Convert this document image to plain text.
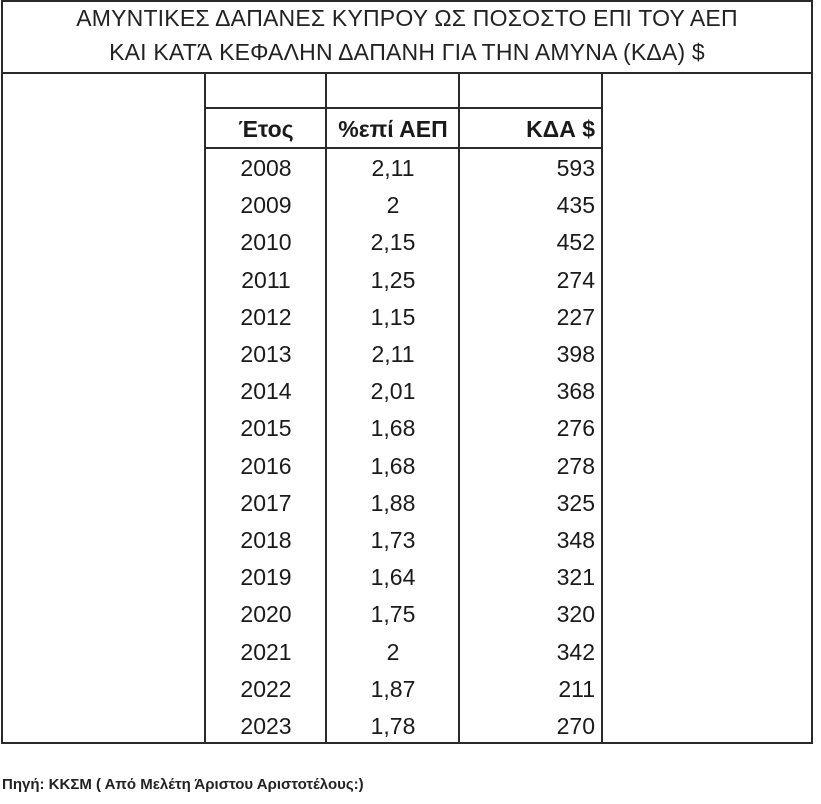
ΑΜΥΝΤΙΚΕΣ ΔΑΠΑΝΕΣ ΚΥΠΡΟΥ ΩΣ ΠΟΣΟΣΤΟ ΕΠΙ ΤΟΥ ΑΕΠ
ΚΑΙ ΚΑΤΆ ΚΕΦΑΛΗΝ ΔΑΠΑΝΗ ΓΙΑ ΤΗΝ ΑΜΥΝΑ (ΚΔΑ) $
Έτος	%επί ΑΕΠ	ΚΔΑ $
2008	2,11	593
2009	2	435
2010	2,15	452
2011	1,25	274
2012	1,15	227
2013	2,11	398
2014	2,01	368
2015	1,68	276
2016	1,68	278
2017	1,88	325
2018	1,73	348
2019	1,64	321
2020	1,75	320
2021	2	342
2022	1,87	211
2023	1,78	270
Πηγή: ΚΚΣΜ ( Από Μελέτη Άριστου Αριστοτέλους:)
